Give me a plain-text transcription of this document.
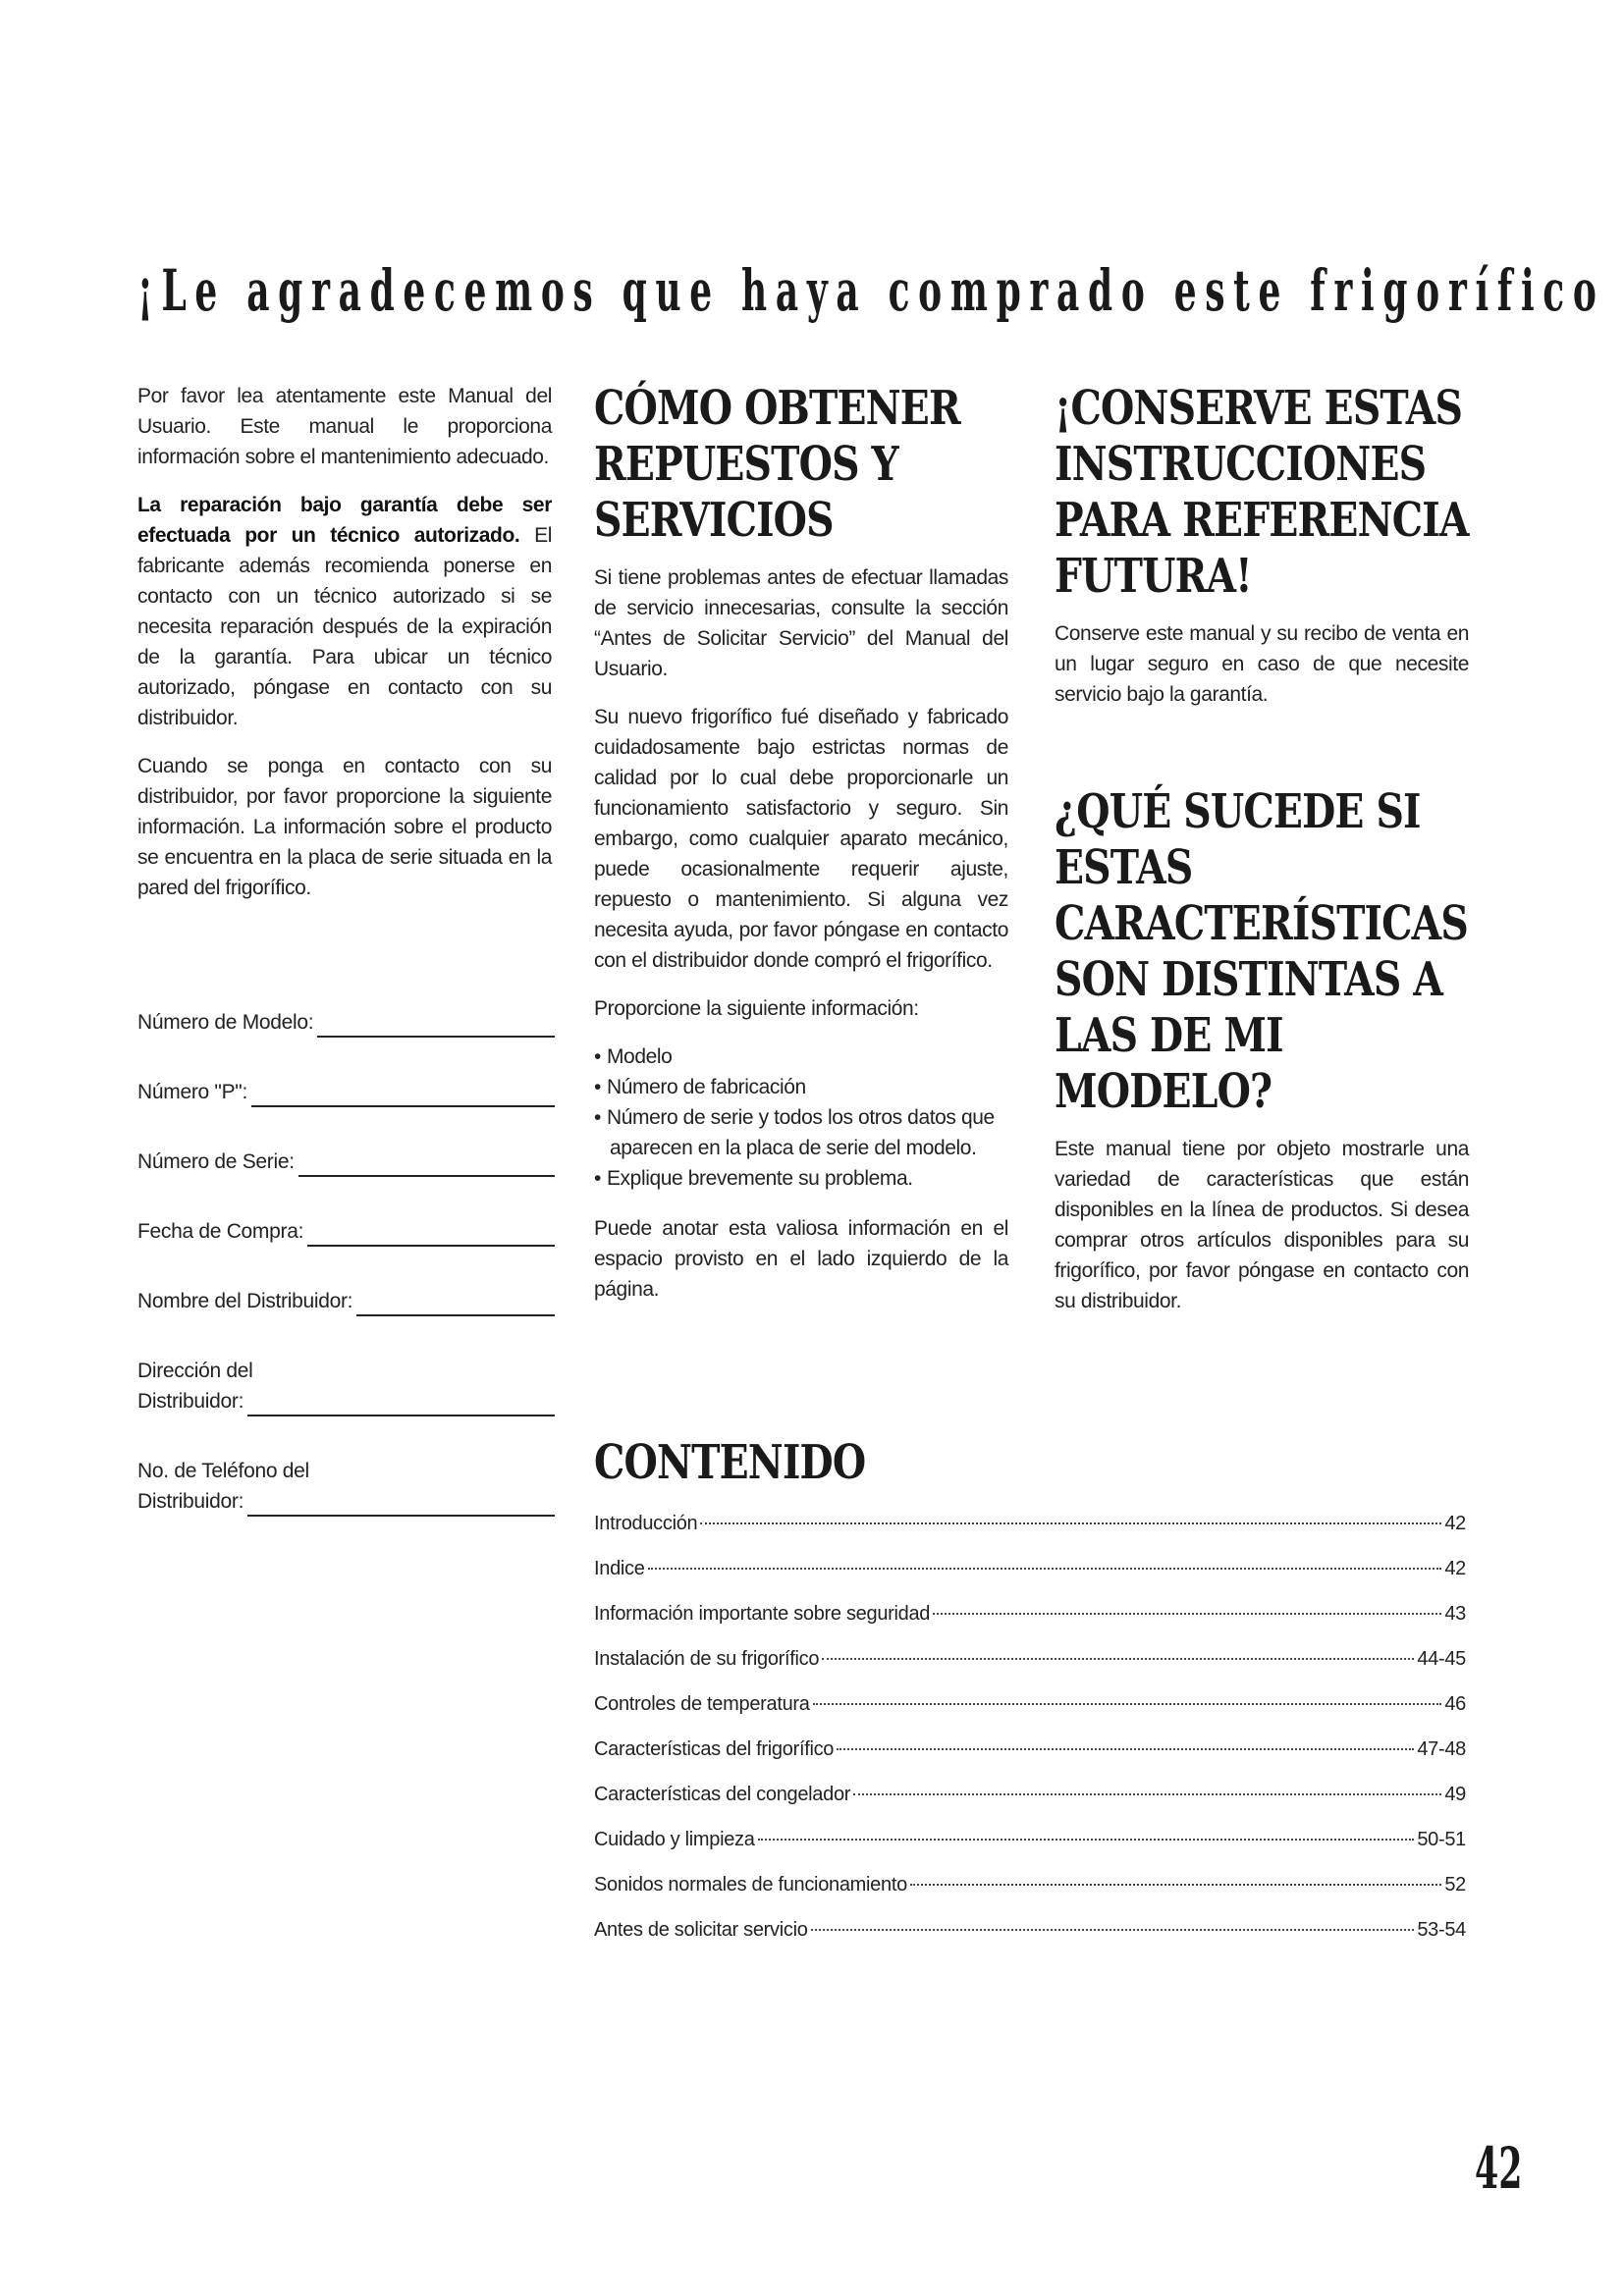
¡Le agradecemos que haya comprado este frigorífico

Por favor lea atentamente este Manual del Usuario. Este manual le proporciona información sobre el mantenimiento adecuado.

La reparación bajo garantía debe ser efectuada por un técnico autorizado. El fabricante además recomienda ponerse en contacto con un técnico autorizado si se necesita reparación después de la expiración de la garantía. Para ubicar un técnico autorizado, póngase en contacto con su distribuidor.

Cuando se ponga en contacto con su distribuidor, por favor proporcione la siguiente información. La información sobre el producto se encuentra en la placa de serie situada en la pared del frigorífico.

Número de Modelo:
Número "P":
Número de Serie:
Fecha de Compra:
Nombre del Distribuidor:
Dirección del
Distribuidor:
No. de Teléfono del
Distribuidor:
CÓMO OBTENER REPUESTOS Y SERVICIOS

Si tiene problemas antes de efectuar llamadas de servicio innecesarias, consulte la sección “Antes de Solicitar Servicio” del Manual del Usuario.

Su nuevo frigorífico fué diseñado y fabricado cuidadosamente bajo estrictas normas de calidad por lo cual debe proporcionarle un funcionamiento satisfactorio y seguro. Sin embargo, como cualquier aparato mecánico, puede ocasionalmente requerir ajuste, repuesto o mantenimiento. Si alguna vez necesita ayuda, por favor póngase en contacto con el distribuidor donde compró el frigorífico.

Proporcione la siguiente información:

• Modelo
• Número de fabricación
• Número de serie y todos los otros datos que aparecen en la placa de serie del modelo.
• Explique brevemente su problema.

Puede anotar esta valiosa información en el espacio provisto en el lado izquierdo de la página.

¡CONSERVE ESTAS INSTRUCCIONES PARA REFERENCIA FUTURA!

Conserve este manual y su recibo de venta en un lugar seguro en caso de que necesite servicio bajo la garantía.

¿QUÉ SUCEDE SI ESTAS CARACTERÍSTICAS SON DISTINTAS A LAS DE MI MODELO?

Este manual tiene por objeto mostrarle una variedad de características que están disponibles en la línea de productos. Si desea comprar otros artículos disponibles para su frigorífico, por favor póngase en contacto con su distribuidor.

CONTENIDO
Introducción	42
Indice	42
Información importante sobre seguridad	43
Instalación de su frigorífico	44-45
Controles de temperatura	46
Características del frigorífico	47-48
Características del congelador	49
Cuidado y limpieza	50-51
Sonidos normales de funcionamiento	52
Antes de solicitar servicio	53-54
42
